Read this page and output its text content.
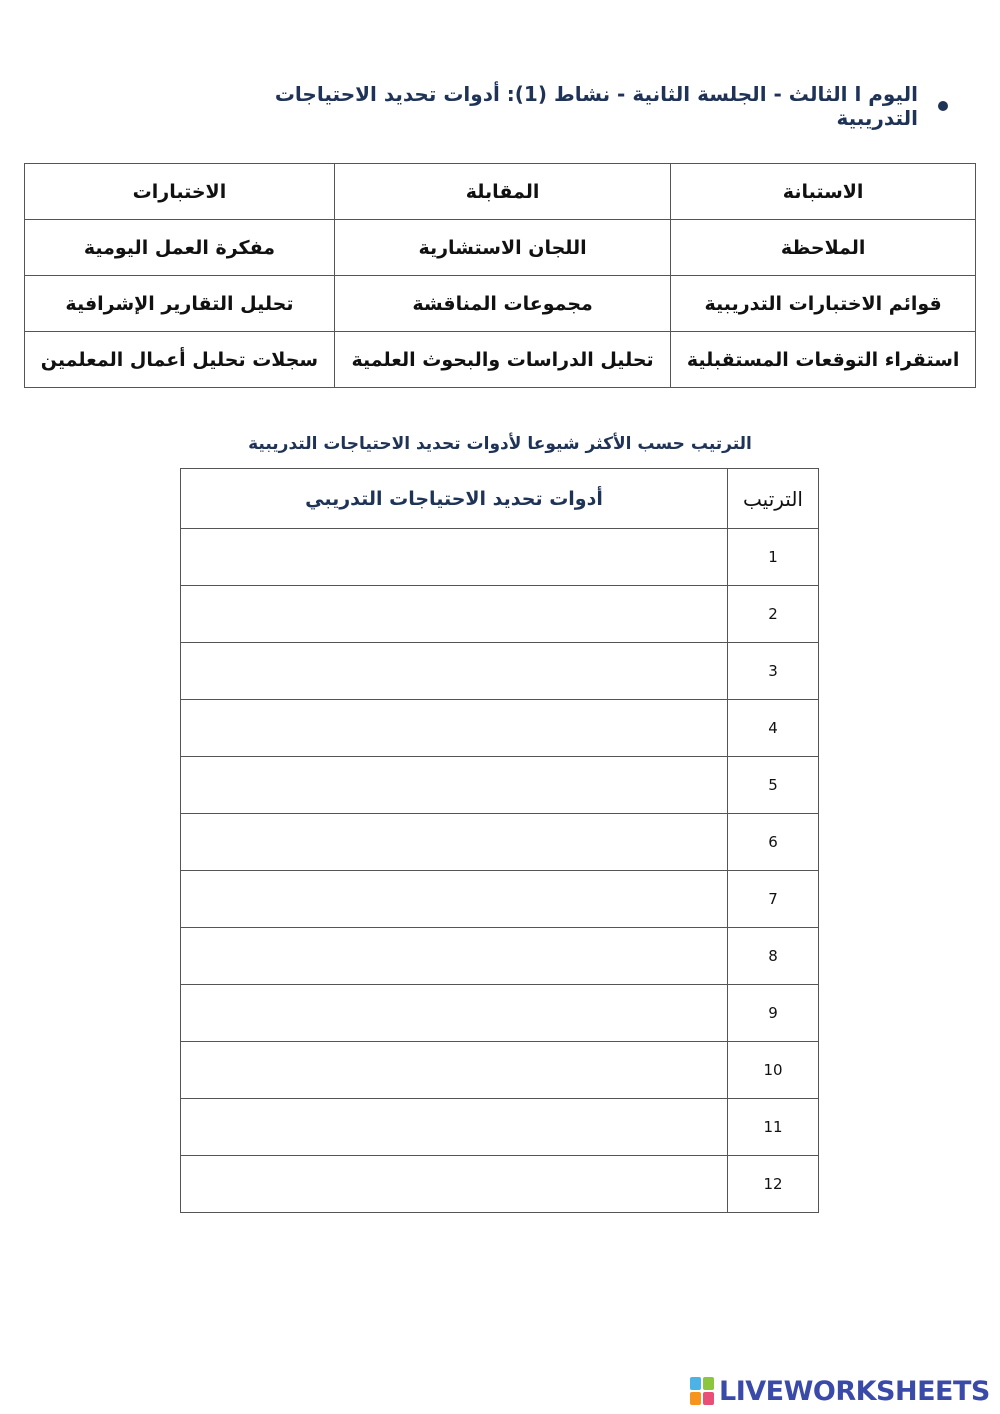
اليوم ا الثالث - الجلسة الثانية - نشاط (1): أدوات تحديد الاحتياجات التدريبية
الاستبانة	المقابلة	الاختبارات
الملاحظة	اللجان الاستشارية	مفكرة العمل اليومية
قوائم الاختبارات التدريبية	مجموعات المناقشة	تحليل التقارير الإشرافية
استقراء التوقعات المستقبلية	تحليل الدراسات والبحوث العلمية	سجلات تحليل أعمال المعلمين
الترتيب حسب الأكثر شيوعا لأدوات تحديد الاحتياجات التدريبية
الترتيب	أدوات تحديد الاحتياجات التدريبي
1	
2	
3	
4	
5	
6	
7	
8	
9	
10	
11	
12	
LIVEWORKSHEETS
